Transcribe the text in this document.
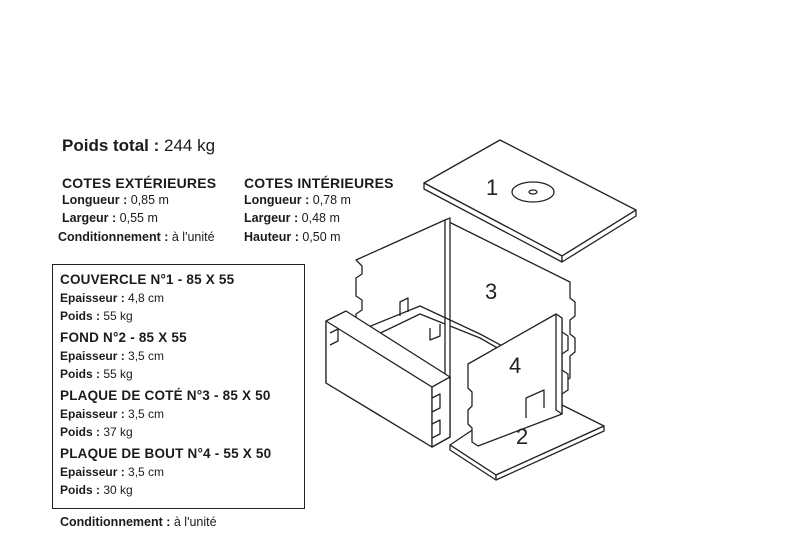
Poids total : 244 kg
COTES EXTÉRIEURES
Longueur : 0,85 m
Largeur : 0,55 m
Conditionnement : à l'unité
COTES INTÉRIEURES
Longueur : 0,78 m
Largeur : 0,48 m
Hauteur : 0,50 m
COUVERCLE N°1 - 85 X 55
Epaisseur : 4,8 cm
Poids : 55 kg
FOND N°2 - 85 X 55
Epaisseur : 3,5 cm
Poids : 55 kg
PLAQUE DE COTÉ N°3 - 85 X 50
Epaisseur : 3,5 cm
Poids : 37 kg
PLAQUE DE BOUT N°4 - 55 X 50
Epaisseur : 3,5 cm
Poids : 30 kg
Conditionnement : à l'unité
1
2
3
4
